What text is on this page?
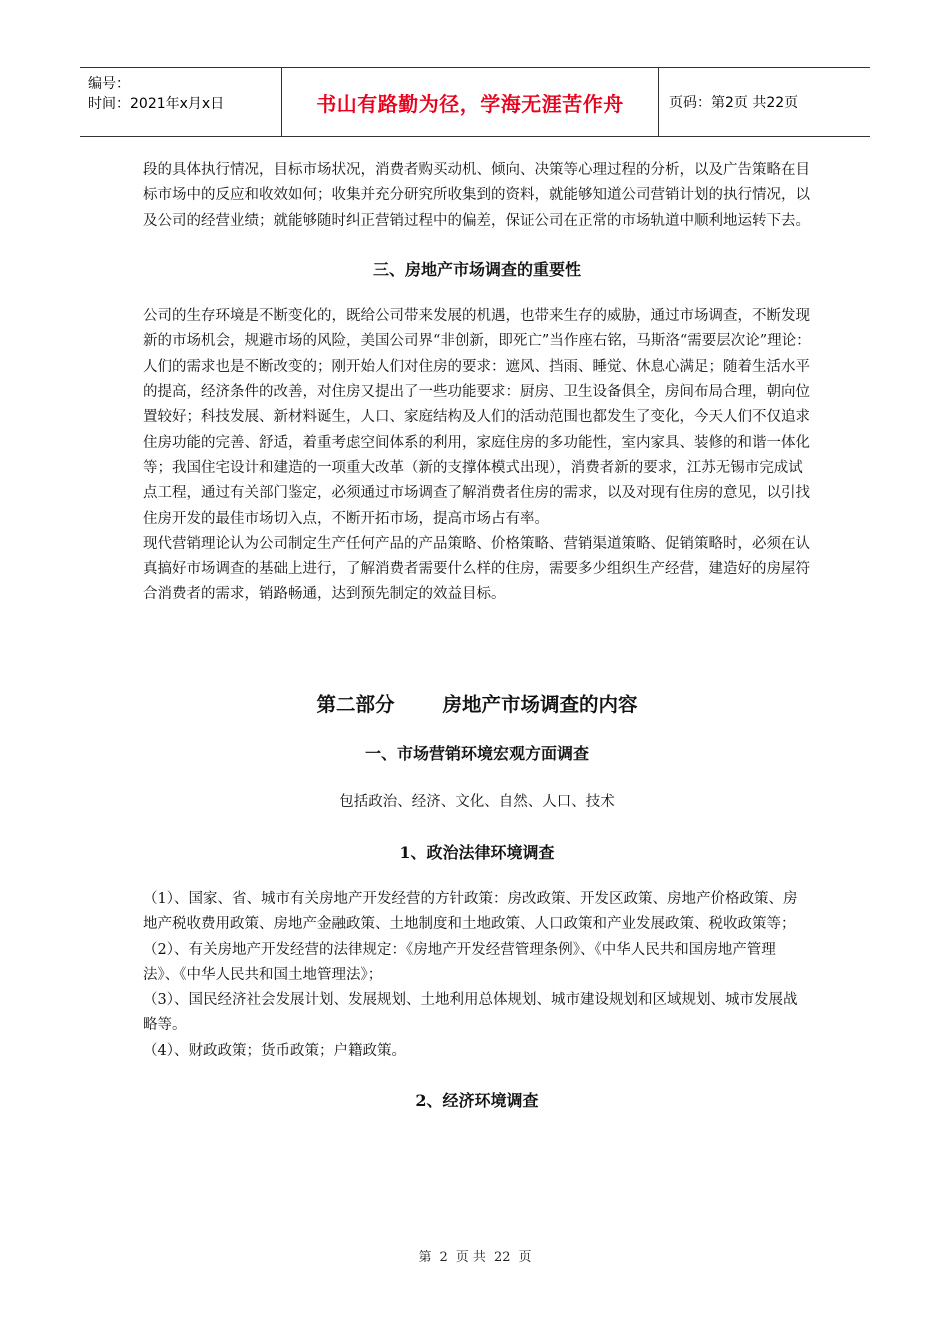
编号：
时间：2021年x月x日	书山有路勤为径，学海无涯苦作舟	页码：第2页 共22页

段的具体执行情况，目标市场状况，消费者购买动机、倾向、决策等心理过程的分析，以及广告策略在目标市场中的反应和收效如何；收集并充分研究所收集到的资料，就能够知道公司营销计划的执行情况，以及公司的经营业绩；就能够随时纠正营销过程中的偏差，保证公司在正常的市场轨道中顺利地运转下去。

三、房地产市场调查的重要性

公司的生存环境是不断变化的，既给公司带来发展的机遇，也带来生存的威胁，通过市场调查，不断发现新的市场机会，规避市场的风险，美国公司界“非创新，即死亡”当作座右铭，马斯洛“需要层次论”理论：人们的需求也是不断改变的；刚开始人们对住房的要求：遮风、挡雨、睡觉、休息心满足；随着生活水平的提高，经济条件的改善，对住房又提出了一些功能要求：厨房、卫生设备俱全，房间布局合理，朝向位置较好；科技发展、新材料诞生，人口、家庭结构及人们的活动范围也都发生了变化，今天人们不仅追求住房功能的完善、舒适，着重考虑空间体系的利用，家庭住房的多功能性，室内家具、装修的和谐一体化等；我国住宅设计和建造的一项重大改革（新的支撑体模式出现），消费者新的要求，江苏无锡市完成试点工程，通过有关部门鉴定，必须通过市场调查了解消费者住房的需求，以及对现有住房的意见，以引找住房开发的最佳市场切入点，不断开拓市场，提高市场占有率。

现代营销理论认为公司制定生产任何产品的产品策略、价格策略、营销渠道策略、促销策略时，必须在认真搞好市场调查的基础上进行，了解消费者需要什么样的住房，需要多少组织生产经营，建造好的房屋符合消费者的需求，销路畅通，达到预先制定的效益目标。

第二部分 房地产市场调查的内容

一、市场营销环境宏观方面调查

包括政治、经济、文化、自然、人口、技术

1、政治法律环境调查

（1）、国家、省、城市有关房地产开发经营的方针政策：房改政策、开发区政策、房地产价格政策、房地产税收费用政策、房地产金融政策、土地制度和土地政策、人口政策和产业发展政策、税收政策等；

（2）、有关房地产开发经营的法律规定：《房地产开发经营管理条例》、《中华人民共和国房地产管理法》、《中华人民共和国土地管理法》；

（3）、国民经济社会发展计划、发展规划、土地利用总体规划、城市建设规划和区域规划、城市发展战略等。

（4）、财政政策；货币政策；户籍政策。

2、经济环境调查

第 2 页 共 22 页
